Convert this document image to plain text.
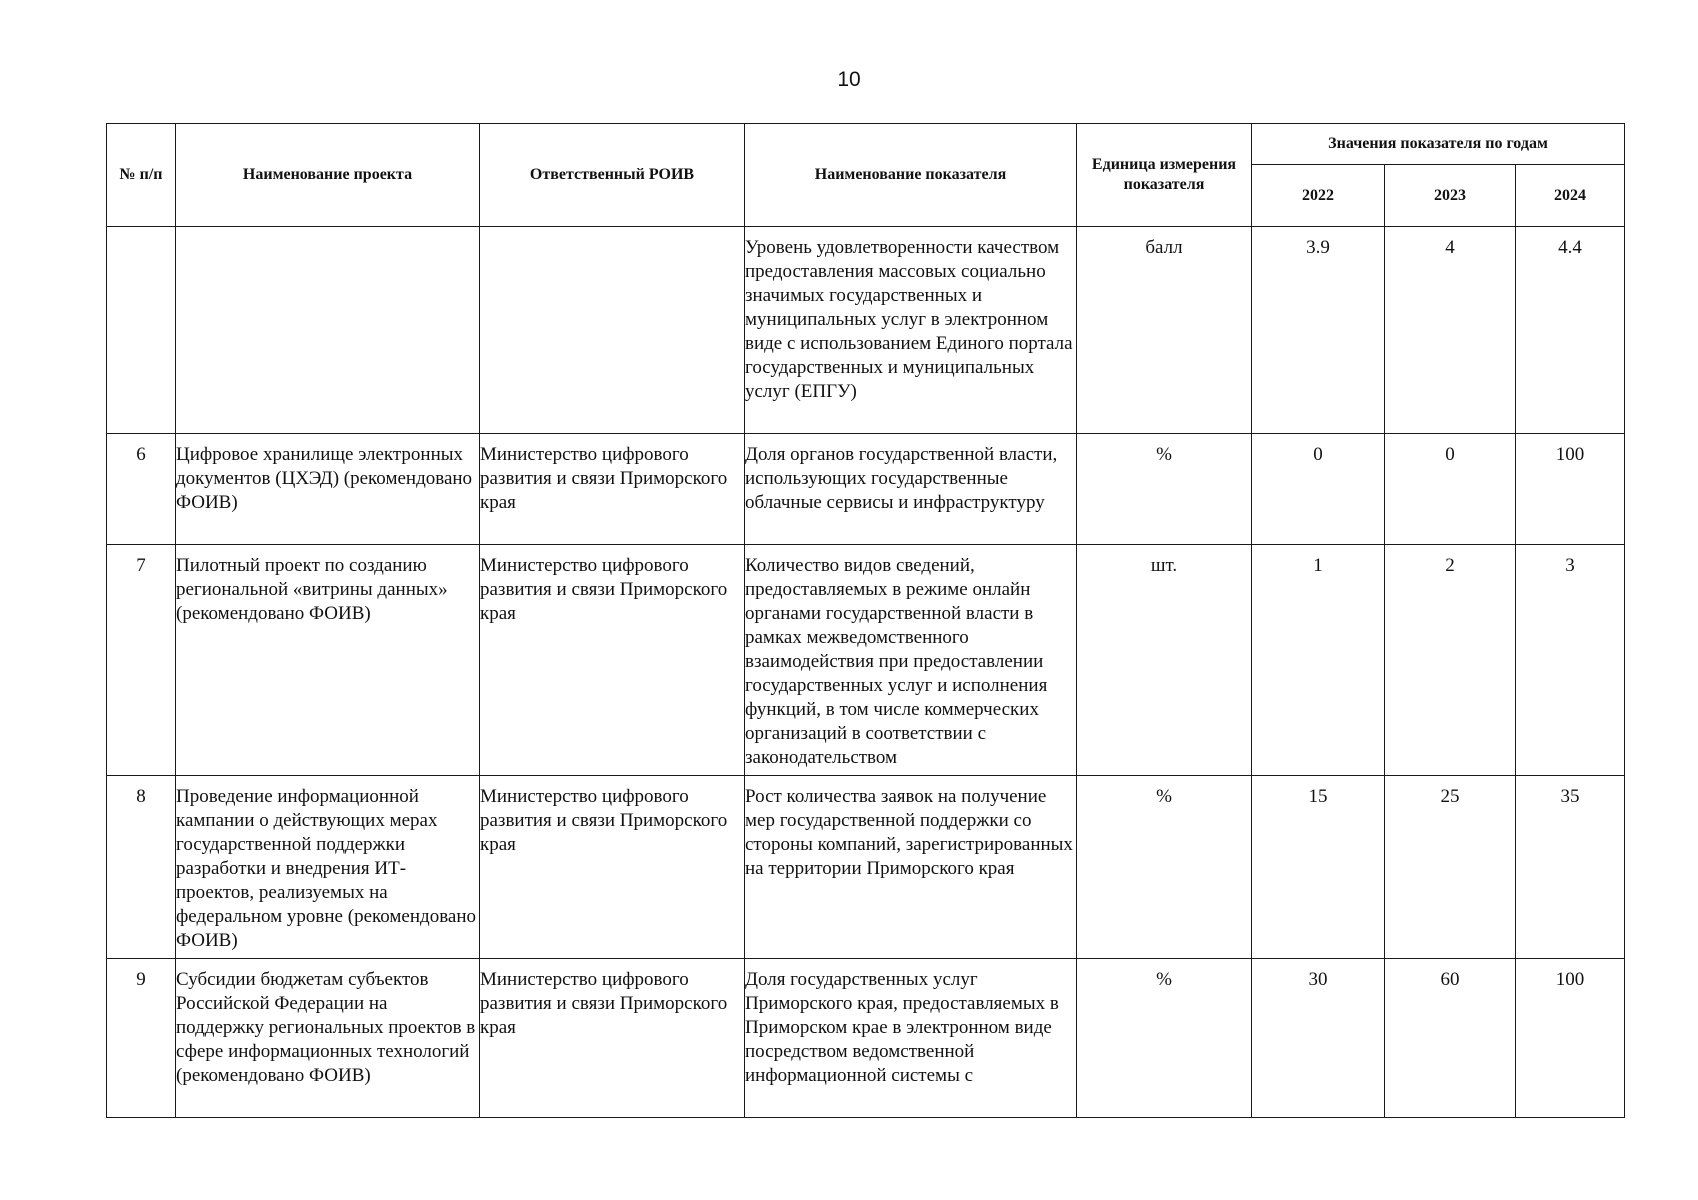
10
№ п/п	Наименование проекта	Ответственный РОИВ	Наименование показателя	Единица измерения показателя	Значения показателя по годам		
					2022	2023	2024
			Уровень удовлетворенности качеством предоставления массовых социально значимых государственных и муниципальных услуг в электронном виде с использованием Единого портала государственных и муниципальных услуг (ЕПГУ)	балл	3.9	4	4.4
6	Цифровое хранилище электронных документов (ЦХЭД) (рекомендовано ФОИВ)	Министерство цифрового развития и связи Приморского края	Доля органов государственной власти, использующих государственные облачные сервисы и инфраструктуру	%	0	0	100
7	Пилотный проект по созданию региональной «витрины данных» (рекомендовано ФОИВ)	Министерство цифрового развития и связи Приморского края	Количество видов сведений, предоставляемых в режиме онлайн органами государственной власти в рамках межведомственного взаимодействия при предоставлении государственных услуг и исполнения функций, в том числе коммерческих организаций в соответствии с законодательством	шт.	1	2	3
8	Проведение информационной кампании о действующих мерах государственной поддержки разработки и внедрения ИТ-проектов, реализуемых на федеральном уровне (рекомендовано ФОИВ)	Министерство цифрового развития и связи Приморского края	Рост количества заявок на получение мер государственной поддержки со стороны компаний, зарегистрированных на территории Приморского края	%	15	25	35
9	Субсидии бюджетам субъектов Российской Федерации на поддержку региональных проектов в сфере информационных технологий (рекомендовано ФОИВ)	Министерство цифрового развития и связи Приморского края	Доля государственных услуг Приморского края, предоставляемых в Приморском крае в электронном виде посредством ведомственной информационной системы с	%	30	60	100
